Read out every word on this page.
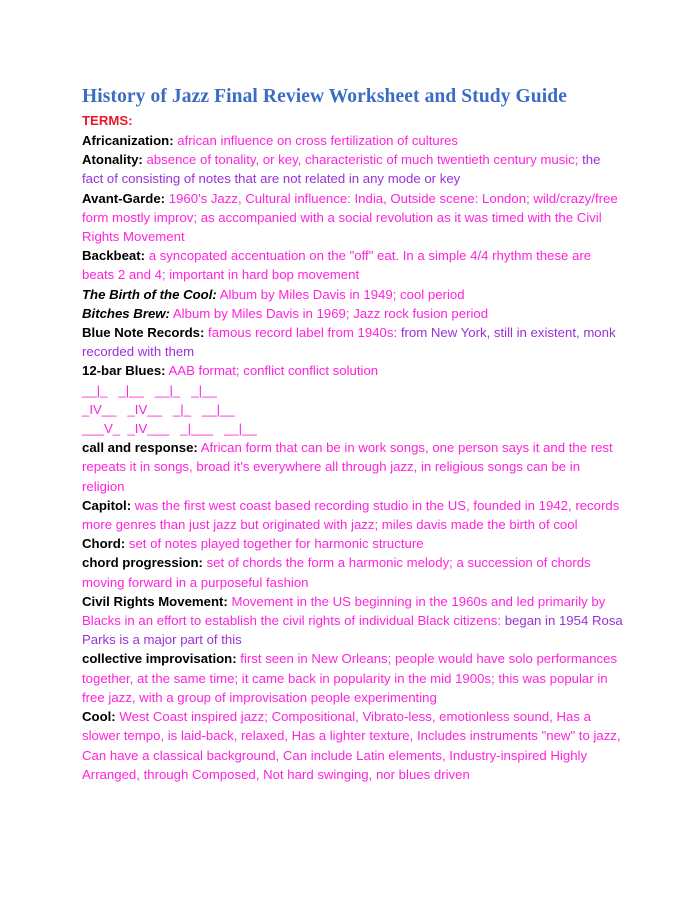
History of Jazz Final Review Worksheet and Study Guide
TERMS:

Africanization: african influence on cross fertilization of cultures

Atonality: absence of tonality, or key, characteristic of much twentieth century music; the fact of consisting of notes that are not related in any mode or key

Avant-Garde: 1960's Jazz, Cultural influence: India, Outside scene: London; wild/crazy/free form mostly improv; as accompanied with a social revolution as it was timed with the Civil Rights Movement

Backbeat: a syncopated accentuation on the "off" eat. In a simple 4/4 rhythm these are beats 2 and 4; important in hard bop movement

The Birth of the Cool: Album by Miles Davis in 1949; cool period

Bitches Brew: Album by Miles Davis in 1969; Jazz rock fusion period

Blue Note Records: famous record label from 1940s: from New York, still in existent, monk recorded with them

12-bar Blues: AAB format; conflict conflict solution

__|_   _|__   __|_   _|__
_IV__   _IV__   _|_   __|__
___V_  _IV___   _|___   __|__

call and response: African form that can be in work songs, one person says it and the rest repeats it in songs, broad it's everywhere all through jazz, in religious songs can be in religion

Capitol: was the first west coast based recording studio in the US, founded in 1942, records more genres than just jazz but originated with jazz; miles davis made the birth of cool

Chord: set of notes played together for harmonic structure

chord progression: set of chords the form a harmonic melody; a succession of chords moving forward in a purposeful fashion

Civil Rights Movement: Movement in the US beginning in the 1960s and led primarily by Blacks in an effort to establish the civil rights of individual Black citizens: began in 1954 Rosa Parks is a major part of this

collective improvisation: first seen in New Orleans; people would have solo performances together, at the same time; it came back in popularity in the mid 1900s; this was popular in free jazz, with a group of improvisation people experimenting

Cool: West Coast inspired jazz; Compositional, Vibrato-less, emotionless sound, Has a slower tempo, is laid-back, relaxed, Has a lighter texture, Includes instruments "new" to jazz, Can have a classical background, Can include Latin elements, Industry-inspired Highly Arranged, through Composed, Not hard swinging, nor blues driven
